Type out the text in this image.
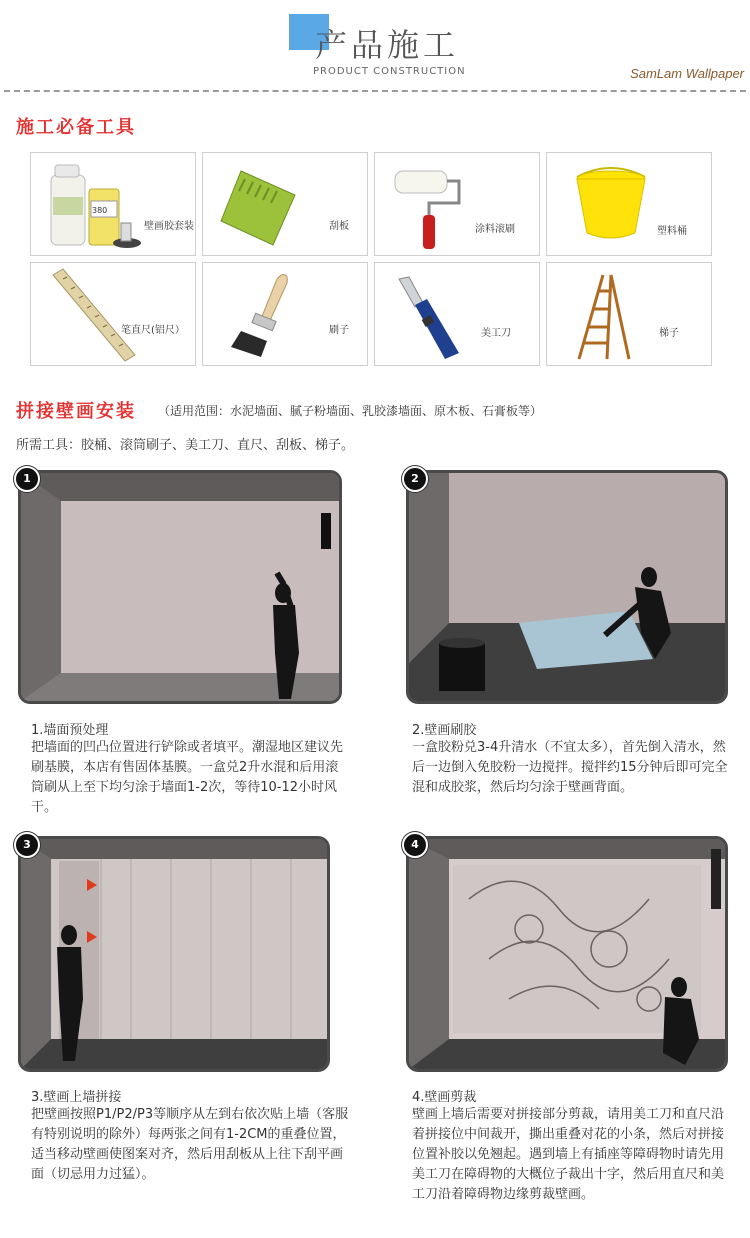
产品施工
PRODUCT CONSTRUCTION	SamLam Wallpaper
施工必备工具
380
壁画胶套装	刮板	涂料滚刷	塑料桶
笔直尺(铝尺）	刷子	美工刀	梯子
拼接壁画安装 （适用范围：水泥墙面、腻子粉墙面、乳胶漆墙面、原木板、石膏板等）
所需工具：胶桶、滚筒刷子、美工刀、直尺、刮板、梯子。
1
1.墙面预处理
把墙面的凹凸位置进行铲除或者填平。潮湿地区建议先刷基膜，本店有售固体基膜。一盒兑2升水混和后用滚筒刷从上至下均匀涂于墙面1-2次，等待10-12小时风干。
2
2.壁画刷胶
一盒胶粉兑3-4升清水（不宜太多），首先倒入清水，然后一边倒入免胶粉一边搅拌。搅拌约15分钟后即可完全混和成胶浆，然后均匀涂于壁画背面。
3
3.壁画上墙拼接
把壁画按照P1/P2/P3等顺序从左到右依次贴上墙（客服有特别说明的除外）每两张之间有1-2CM的重叠位置，适当移动壁画使图案对齐，然后用刮板从上往下刮平画面（切忌用力过猛）。
4
4.壁画剪裁
壁画上墙后需要对拼接部分剪裁，请用美工刀和直尺沿着拼接位中间裁开，撕出重叠对花的小条，然后对拼接位置补胶以免翘起。遇到墙上有插座等障碍物时请先用美工刀在障碍物的大概位子裁出十字，然后用直尺和美工刀沿着障碍物边缘剪裁壁画。
